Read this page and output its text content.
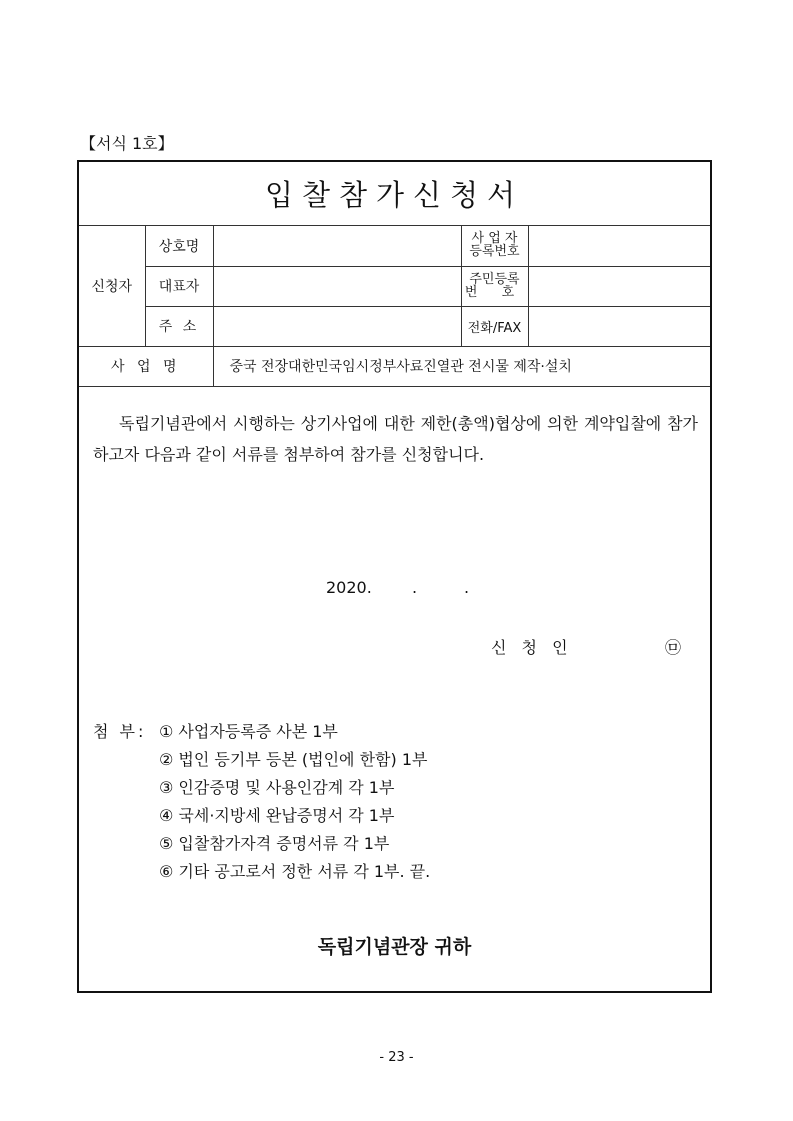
【서식 1호】
입찰참가신청서
신청자	상호명		사 업 자
등록번호	

	대표자		주민등록
번 호	

	주 소		전화/FAX	
사 업 명		중국 전장대한민국임시정부사료진열관 전시물 제작·설치		
독립기념관에서 시행하는 상기사업에 대한 제한(총액)협상에 의한 계약입찰에 참가하고자 다음과 같이 서류를 첨부하여 참가를 신청합니다.
2020.	.	.
신 청 인	㉤
첨 부: ① 사업자등록증 사본 1부
② 법인 등기부 등본 (법인에 한함) 1부
③ 인감증명 및 사용인감계 각 1부
④ 국세·지방세 완납증명서 각 1부
⑤ 입찰참가자격 증명서류 각 1부
⑥ 기타 공고로서 정한 서류 각 1부. 끝.
독립기념관장 귀하
- 23 -
